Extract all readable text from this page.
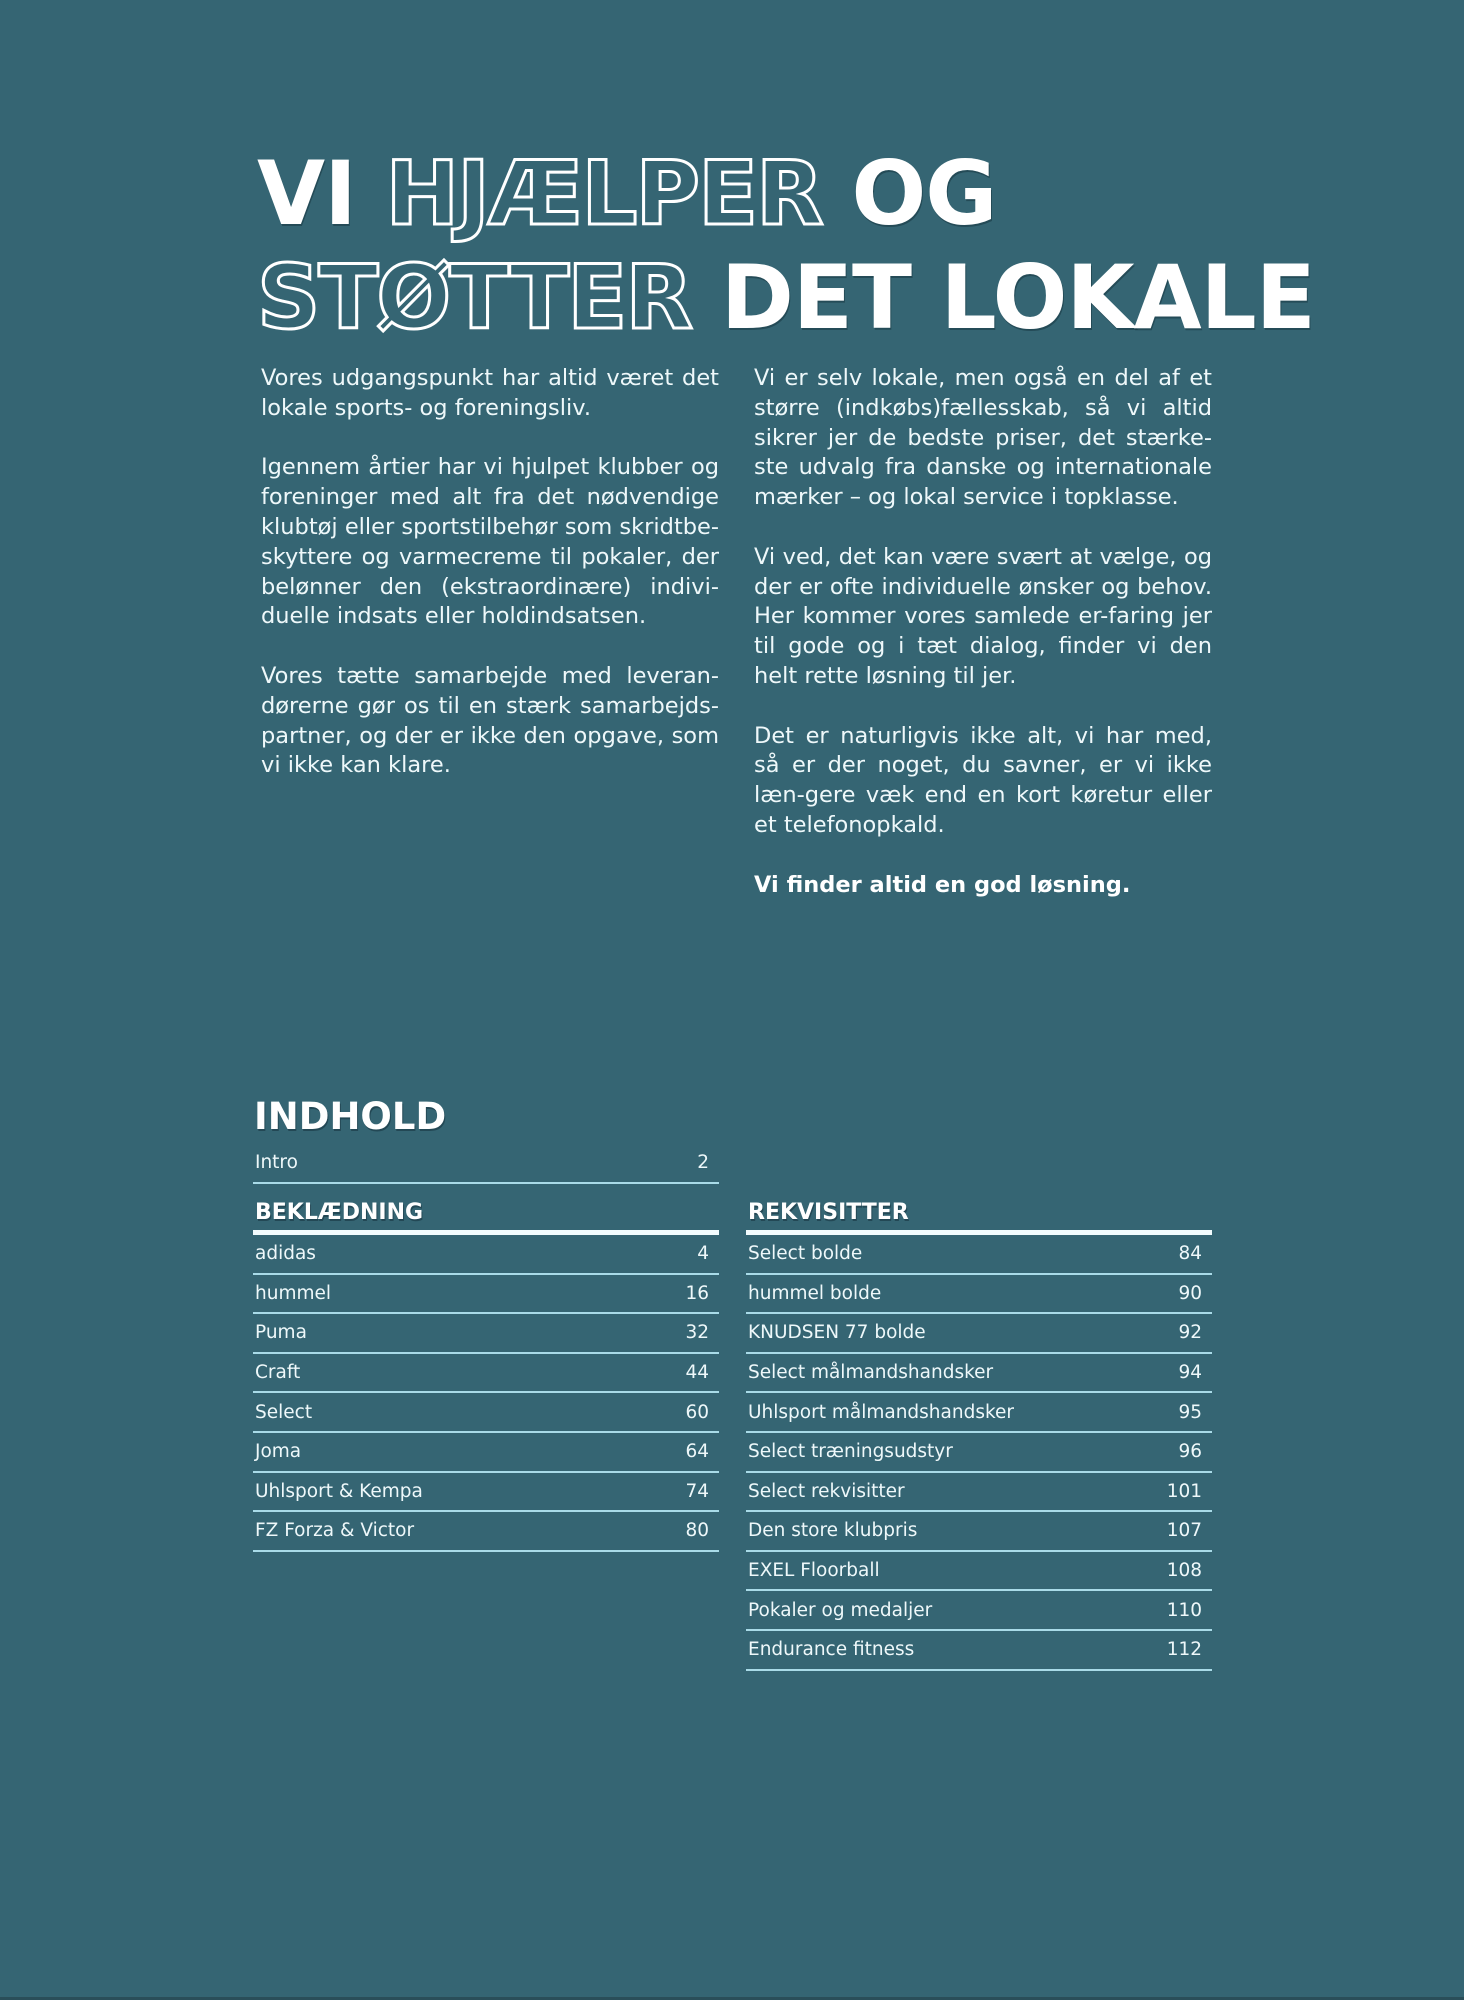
VI HJÆLPER OG
STØTTER DET LOKALE

Vores udgangspunkt har altid været det lokale sports- og foreningsliv.

Igennem årtier har vi hjulpet klubber og foreninger med alt fra det nødvendige klubtøj eller sportstilbehør som skridtbe-skyttere og varmecreme til pokaler, der belønner den (ekstraordinære) indivi-duelle indsats eller holdindsatsen.

Vores tætte samarbejde med leveran-dørerne gør os til en stærk samarbejds-partner, og der er ikke den opgave, som vi ikke kan klare.

Vi er selv lokale, men også en del af et større (indkøbs)fællesskab, så vi altid sikrer jer de bedste priser, det stærke-ste udvalg fra danske og internationale mærker – og lokal service i topklasse.

Vi ved, det kan være svært at vælge, og der er ofte individuelle ønsker og behov. Her kommer vores samlede er-faring jer til gode og i tæt dialog, finder vi den helt rette løsning til jer.

Det er naturligvis ikke alt, vi har med, så er der noget, du savner, er vi ikke læn-gere væk end en kort køretur eller et telefonopkald.

Vi finder altid en god løsning.

INDHOLD
Intro	2
BEKLÆDNING
adidas	4
hummel	16
Puma	32
Craft	44
Select	60
Joma	64
Uhlsport & Kempa	74
FZ Forza & Victor	80
REKVISITTER
Select bolde	84
hummel bolde	90
KNUDSEN 77 bolde	92
Select målmandshandsker	94
Uhlsport målmandshandsker	95
Select træningsudstyr	96
Select rekvisitter	101
Den store klubpris	107
EXEL Floorball	108
Pokaler og medaljer	110
Endurance fitness	112
